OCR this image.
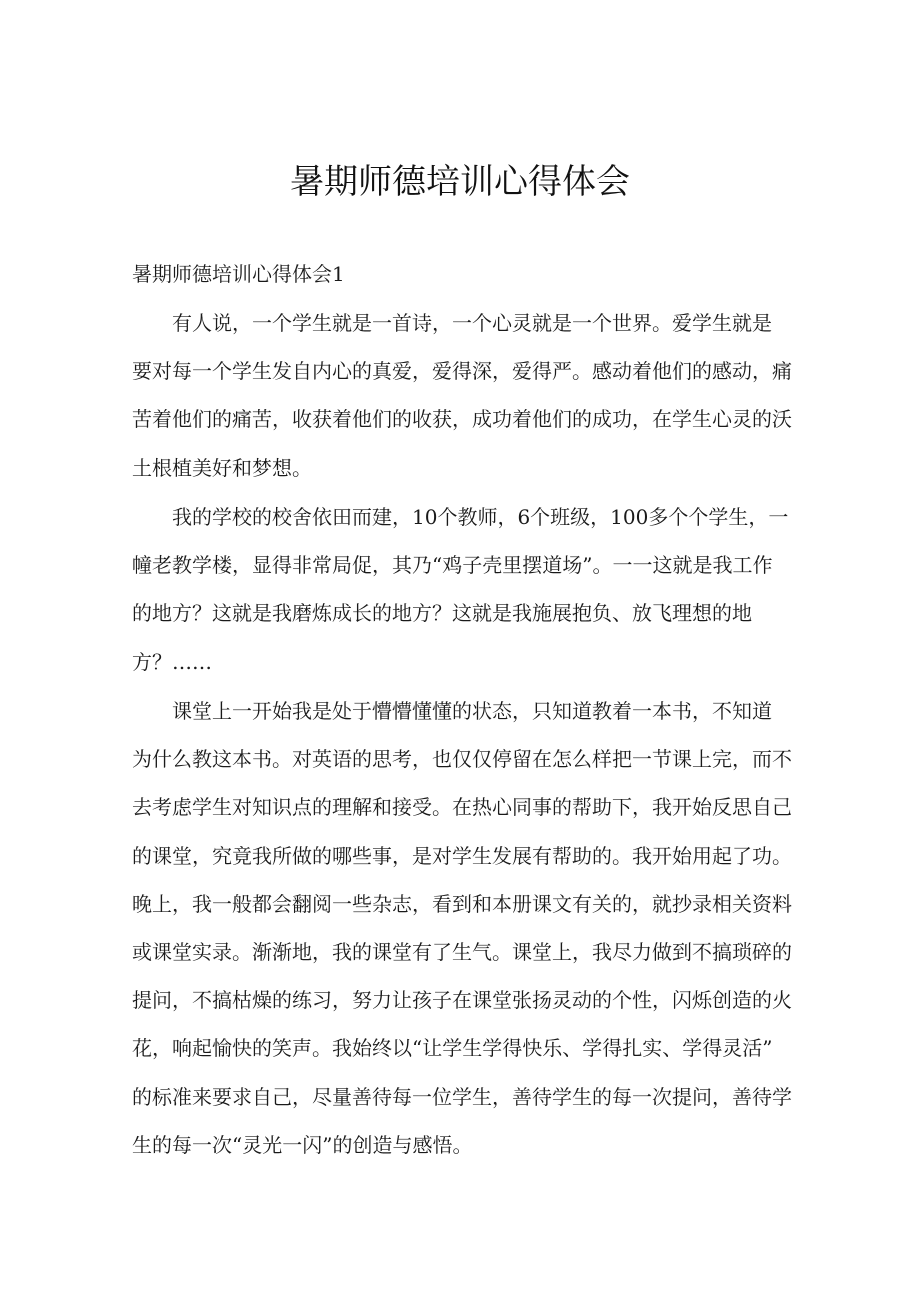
暑期师德培训心得体会
暑期师德培训心得体会1
有人说，一个学生就是一首诗，一个心灵就是一个世界。爱学生就是
要对每一个学生发自内心的真爱，爱得深，爱得严。感动着他们的感动，痛
苦着他们的痛苦，收获着他们的收获，成功着他们的成功，在学生心灵的沃
土根植美好和梦想。
我的学校的校舍依田而建，10个教师，6个班级，100多个个学生，一
幢老教学楼，显得非常局促，其乃“鸡子壳里摆道场”。一一这就是我工作
的地方？这就是我磨炼成长的地方？这就是我施展抱负、放飞理想的地
方？……
课堂上一开始我是处于懵懵懂懂的状态，只知道教着一本书，不知道
为什么教这本书。对英语的思考，也仅仅停留在怎么样把一节课上完，而不
去考虑学生对知识点的理解和接受。在热心同事的帮助下，我开始反思自己
的课堂，究竟我所做的哪些事，是对学生发展有帮助的。我开始用起了功。
晚上，我一般都会翻阅一些杂志，看到和本册课文有关的，就抄录相关资料
或课堂实录。渐渐地，我的课堂有了生气。课堂上，我尽力做到不搞琐碎的
提问，不搞枯燥的练习，努力让孩子在课堂张扬灵动的个性，闪烁创造的火
花，响起愉快的笑声。我始终以“让学生学得快乐、学得扎实、学得灵活”
的标准来要求自己，尽量善待每一位学生，善待学生的每一次提问，善待学
生的每一次“灵光一闪”的创造与感悟。
